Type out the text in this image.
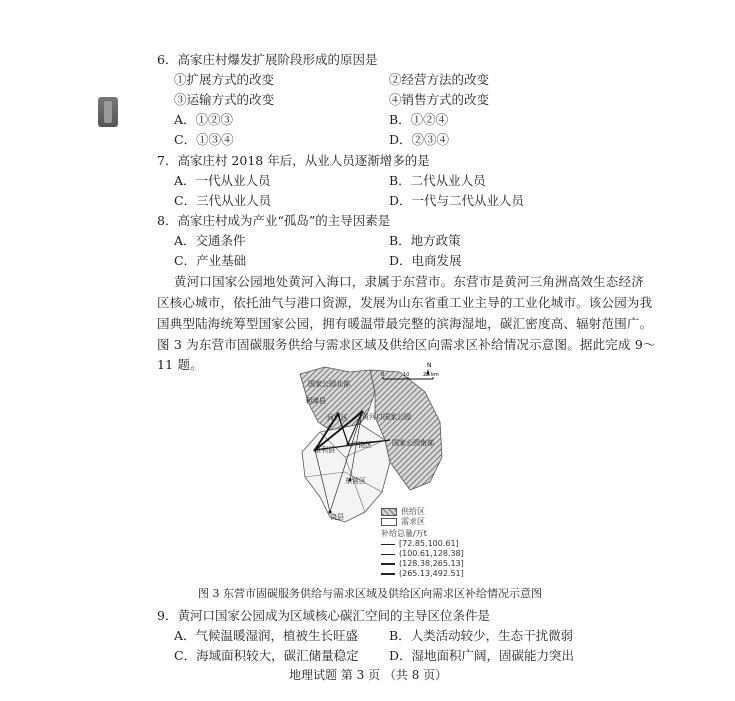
6．高家庄村爆发扩展阶段形成的原因是
①扩展方式的改变	②经营方法的改变
③运输方式的改变	④销售方式的改变
A．①②③	B．①②④
C．①③④	D．②③④
7．高家庄村 2018 年后，从业人员逐渐增多的是
A．一代从业人员	B．二代从业人员
C．三代从业人员	D．一代与二代从业人员
8．高家庄村成为产业“孤岛”的主导因素是
A．交通条件	B．地方政策
C．产业基础	D．电商发展
黄河口国家公园地处黄河入海口，隶属于东营市。东营市是黄河三角洲高效生态经济
区核心城市，依托油气与港口资源，发展为山东省重工业主导的工业化城市。该公园为我
国典型陆海统筹型国家公园，拥有暖温带最完整的滨海湿地，碳汇密度高、辐射范围广。
图 3 为东营市固碳服务供给与需求区域及供给区向需求区补给情况示意图。据此完成 9～
11 题。	N
0	10	20 km
国家公园北部
利津县
河口区 黄河口国家公园
国家公园南部
垦利县
广饶区
东营区
饶县
供给区
需求区
补给总量/万t
[72.85,100.61]
(100.61,128.38]
(128.38,265.13]
(265.13,492.51]
图 3 东营市固碳服务供给与需求区域及供给区向需求区补给情况示意图
9．黄河口国家公园成为区域核心碳汇空间的主导区位条件是
A．气候温暖湿润，植被生长旺盛 B．人类活动较少，生态干扰微弱
C．海域面积较大，碳汇储量稳定 D．湿地面积广阔，固碳能力突出
地理试题 第 3 页 （共 8 页）
